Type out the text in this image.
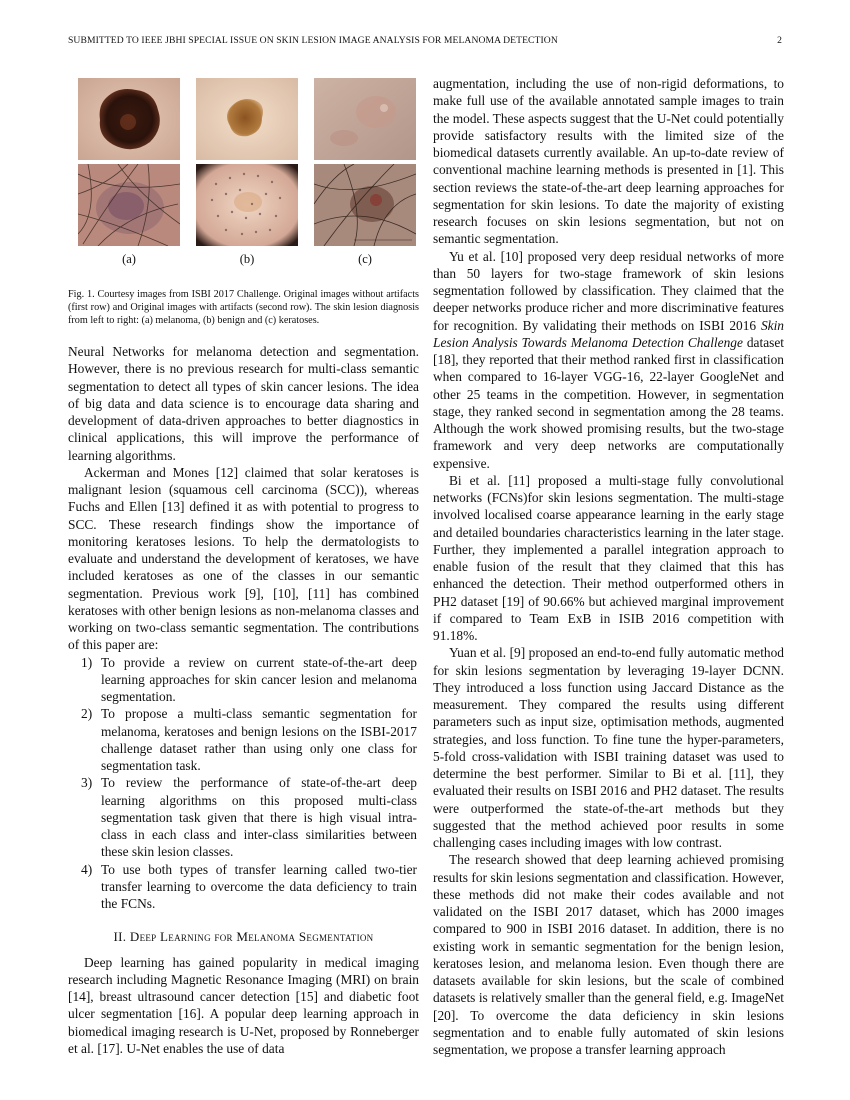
SUBMITTED TO IEEE JBHI SPECIAL ISSUE ON SKIN LESION IMAGE ANALYSIS FOR MELANOMA DETECTION	2
(a)	(b)	(c)
Fig. 1. Courtesy images from ISBI 2017 Challenge. Original images without artifacts (first row) and Original images with artifacts (second row). The skin lesion diagnosis from left to right: (a) melanoma, (b) benign and (c) keratoses.

Neural Networks for melanoma detection and segmentation. However, there is no previous research for multi-class semantic segmentation to detect all types of skin cancer lesions. The idea of big data and data science is to encourage data sharing and development of data-driven approaches to better diagnostics in clinical applications, this will improve the performance of learning algorithms.

Ackerman and Mones [12] claimed that solar keratoses is malignant lesion (squamous cell carcinoma (SCC)), whereas Fuchs and Ellen [13] defined it as with potential to progress to SCC. These research findings show the importance of monitoring keratoses lesions. To help the dermatologists to evaluate and understand the development of keratoses, we have included keratoses as one of the classes in our semantic segmentation. Previous work [9], [10], [11] has combined keratoses with other benign lesions as non-melanoma classes and working on two-class semantic segmentation. The contributions of this paper are:

1) To provide a review on current state-of-the-art deep learning approaches for skin cancer lesion and melanoma segmentation.
2) To propose a multi-class semantic segmentation for melanoma, keratoses and benign lesions on the ISBI-2017 challenge dataset rather than using only one class for segmentation task.
3) To review the performance of state-of-the-art deep learning algorithms on this proposed multi-class segmentation task given that there is high visual intra-class in each class and inter-class similarities between these skin lesion classes.
4) To use both types of transfer learning called two-tier transfer learning to overcome the data deficiency to train the FCNs.
II. Deep Learning for Melanoma Segmentation

Deep learning has gained popularity in medical imaging research including Magnetic Resonance Imaging (MRI) on brain [14], breast ultrasound cancer detection [15] and diabetic foot ulcer segmentation [16]. A popular deep learning approach in biomedical imaging research is U-Net, proposed by Ronneberger et al. [17]. U-Net enables the use of data

augmentation, including the use of non-rigid deformations, to make full use of the available annotated sample images to train the model. These aspects suggest that the U-Net could potentially provide satisfactory results with the limited size of the biomedical datasets currently available. An up-to-date review of conventional machine learning methods is presented in [1]. This section reviews the state-of-the-art deep learning approaches for segmentation for skin lesions. To date the majority of existing research focuses on skin lesions segmentation, but not on semantic segmentation.

Yu et al. [10] proposed very deep residual networks of more than 50 layers for two-stage framework of skin lesions segmentation followed by classification. They claimed that the deeper networks produce richer and more discriminative features for recognition. By validating their methods on ISBI 2016 Skin Lesion Analysis Towards Melanoma Detection Challenge dataset [18], they reported that their method ranked first in classification when compared to 16-layer VGG-16, 22-layer GoogleNet and other 25 teams in the competition. However, in segmentation stage, they ranked second in segmentation among the 28 teams. Although the work showed promising results, but the two-stage framework and very deep networks are computationally expensive.

Bi et al. [11] proposed a multi-stage fully convolutional networks (FCNs)for skin lesions segmentation. The multi-stage involved localised coarse appearance learning in the early stage and detailed boundaries characteristics learning in the later stage. Further, they implemented a parallel integration approach to enable fusion of the result that they claimed that this has enhanced the detection. Their method outperformed others in PH2 dataset [19] of 90.66% but achieved marginal improvement if compared to Team ExB in ISIB 2016 competition with 91.18%.

Yuan et al. [9] proposed an end-to-end fully automatic method for skin lesions segmentation by leveraging 19-layer DCNN. They introduced a loss function using Jaccard Distance as the measurement. They compared the results using different parameters such as input size, optimisation methods, augmented strategies, and loss function. To fine tune the hyper-parameters, 5-fold cross-validation with ISBI training dataset was used to determine the best performer. Similar to Bi et al. [11], they evaluated their results on ISBI 2016 and PH2 dataset. The results were outperformed the state-of-the-art methods but they suggested that the method achieved poor results in some challenging cases including images with low contrast.

The research showed that deep learning achieved promising results for skin lesions segmentation and classification. However, these methods did not make their codes available and not validated on the ISBI 2017 dataset, which has 2000 images compared to 900 in ISBI 2016 dataset. In addition, there is no existing work in semantic segmentation for the benign lesion, keratoses lesion, and melanoma lesion. Even though there are datasets available for skin lesions, but the scale of combined datasets is relatively smaller than the general field, e.g. ImageNet [20]. To overcome the data deficiency in skin lesions segmentation and to enable fully automated of skin lesions segmentation, we propose a transfer learning approach
